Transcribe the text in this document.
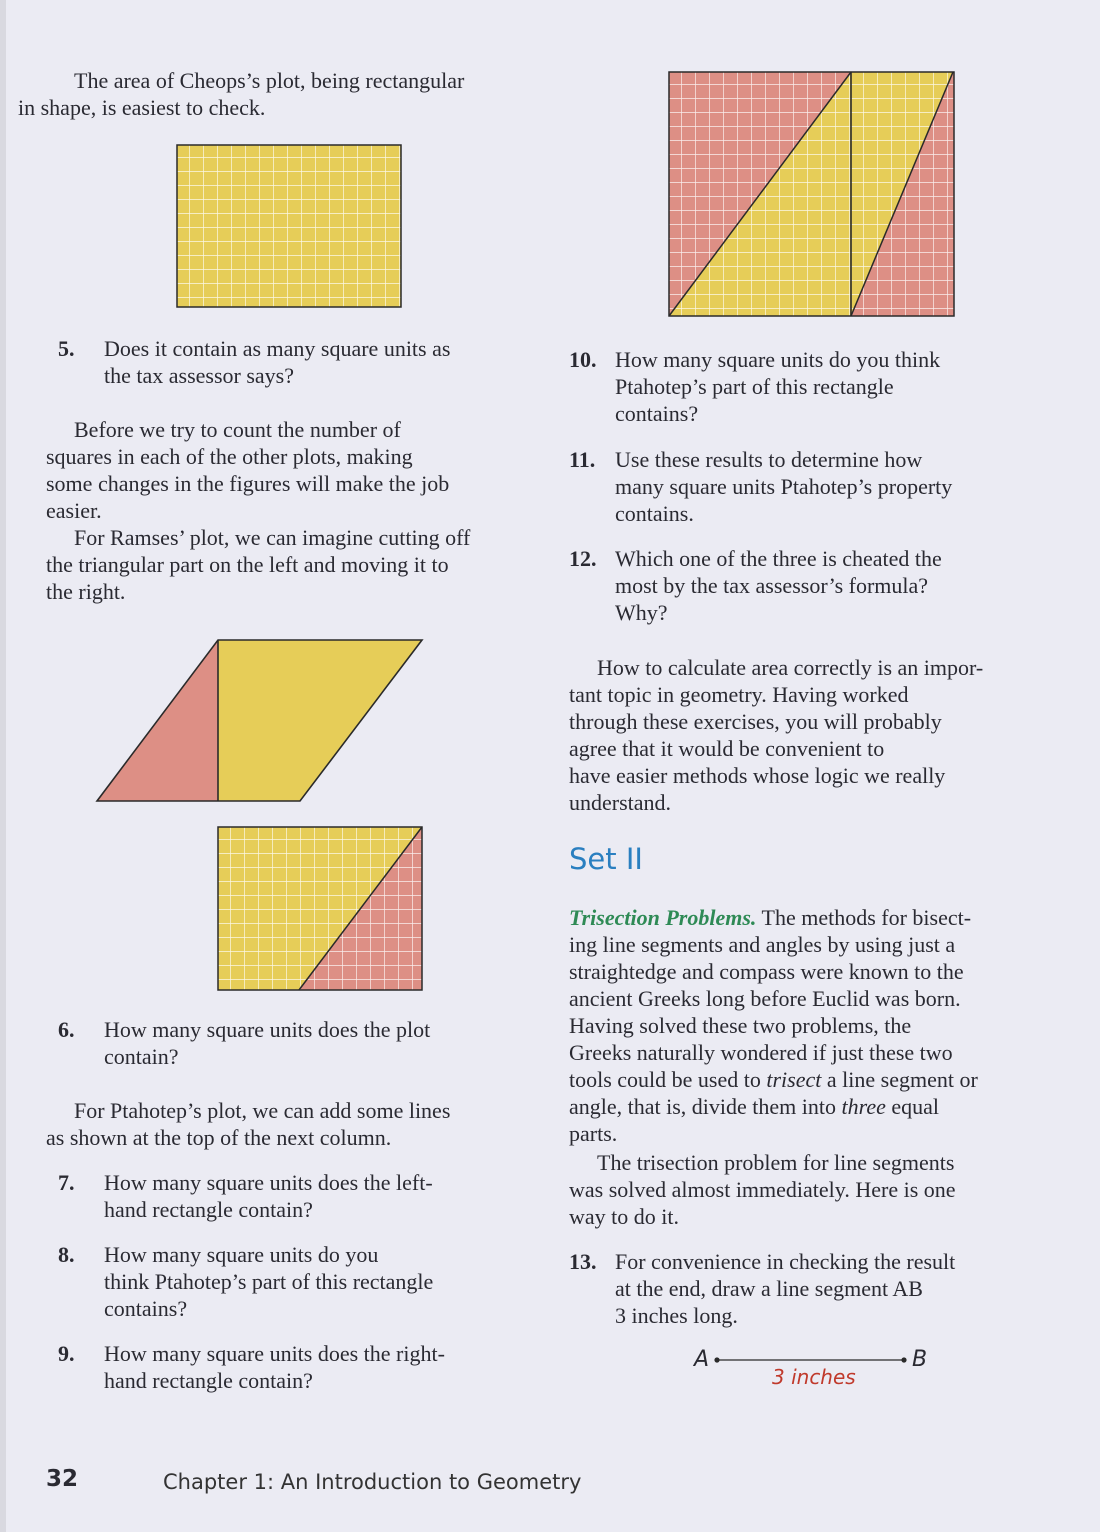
The area of Cheops’s plot, being rectangular
in shape, is easiest to check.

5. Does it contain as many square units as
the tax assessor says?

Before we try to count the number of
squares in each of the other plots, making
some changes in the figures will make the job
easier.

For Ramses’ plot, we can imagine cutting off
the triangular part on the left and moving it to
the right.

6. How many square units does the plot
contain?

For Ptahotep’s plot, we can add some lines
as shown at the top of the next column.

7. How many square units does the left-
hand rectangle contain?
8. How many square units do you
think Ptahotep’s part of this rectangle
contains?
9. How many square units does the right-
hand rectangle contain?
10. How many square units do you think
Ptahotep’s part of this rectangle
contains?
11. Use these results to determine how
many square units Ptahotep’s property
contains.
12. Which one of the three is cheated the
most by the tax assessor’s formula?
Why?

How to calculate area correctly is an impor-
tant topic in geometry. Having worked
through these exercises, you will probably
agree that it would be convenient to
have easier methods whose logic we really
understand.

Set II

Trisection Problems. The methods for bisect-
ing line segments and angles by using just a
straightedge and compass were known to the
ancient Greeks long before Euclid was born.
Having solved these two problems, the
Greeks naturally wondered if just these two
tools could be used to trisect a line segment or
angle, that is, divide them into three equal
parts.

The trisection problem for line segments
was solved almost immediately. Here is one
way to do it.

13. For convenience in checking the result
at the end, draw a line segment AB
3 inches long.
A	B
3 inches
32	Chapter 1: An Introduction to Geometry
